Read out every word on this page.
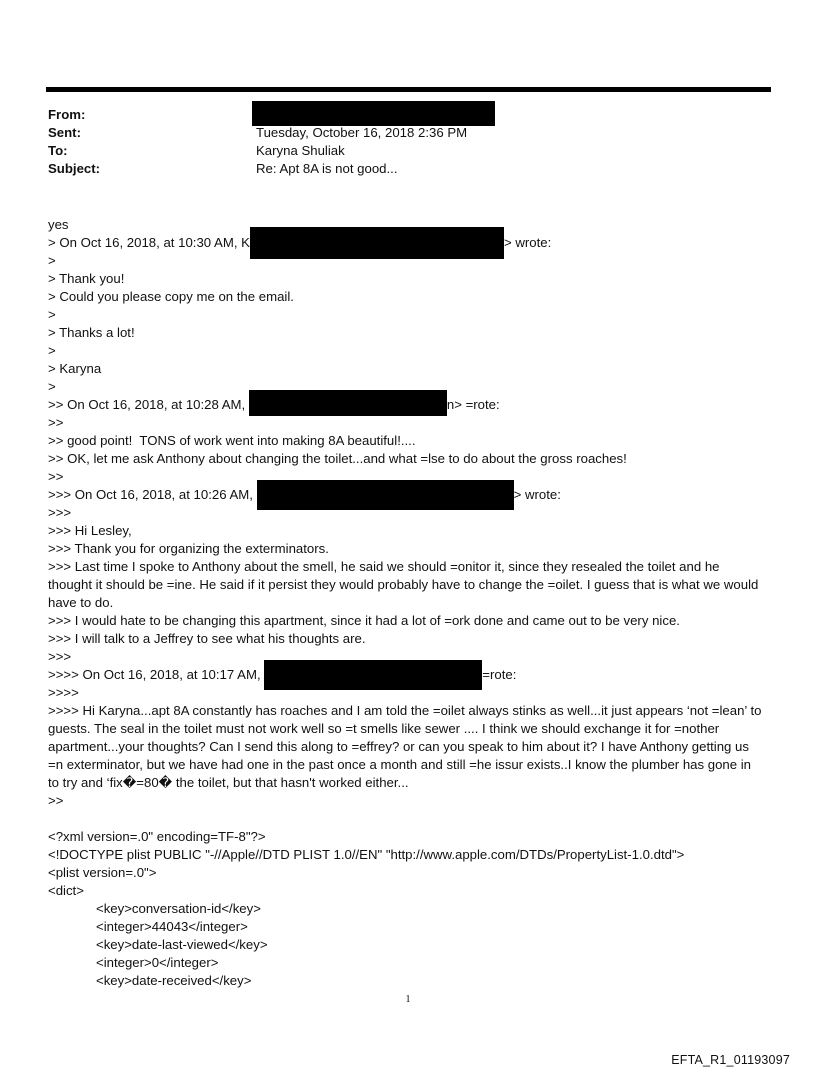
From:
Sent:	Tuesday, October 16, 2018 2:36 PM
To:	Karyna Shuliak
Subject:	Re: Apt 8A is not good...
yes
> On Oct 16, 2018, at 10:30 AM, K	> wrote:
>
> Thank you!
> Could you please copy me on the email.
>
> Thanks a lot!
>
> Karyna
>
>> On Oct 16, 2018, at 10:28 AM,	n> =rote:
>>
>> good point!  TONS of work went into making 8A beautiful!....
>> OK, let me ask Anthony about changing the toilet...and what =lse to do about the gross roaches!
>>
>>> On Oct 16, 2018, at 10:26 AM,	> wrote:
>>>
>>> Hi Lesley,
>>> Thank you for organizing the exterminators.
>>> Last time I spoke to Anthony about the smell, he said we should =onitor it, since they resealed the toilet and he thought it should be =ine. He said if it persist they would probably have to change the =oilet. I guess that is what we would have to do.
>>> I would hate to be changing this apartment, since it had a lot of =ork done and came out to be very nice.
>>> I will talk to a Jeffrey to see what his thoughts are.
>>>
>>>> On Oct 16, 2018, at 10:17 AM,	=rote:
>>>>
>>>> Hi Karyna...apt 8A constantly has roaches and I am told the =oilet always stinks as well...it just appears ‘not =lean’ to guests. The seal in the toilet must not work well so =t smells like sewer .... I think we should exchange it for =nother apartment...your thoughts? Can I send this along to =effrey? or can you speak to him about it? I have Anthony getting us =n exterminator, but we have had one in the past once a month and still =he issur exists..I know the plumber has gone in to try and ‘fix�=80� the toilet, but that hasn't worked either...
>>
<?xml version=.0" encoding=TF-8"?>
<!DOCTYPE plist PUBLIC "-//Apple//DTD PLIST 1.0//EN" "http://www.apple.com/DTDs/PropertyList-1.0.dtd">
<plist version=.0">
<dict>
<key>conversation-id</key>
<integer>44043</integer>
<key>date-last-viewed</key>
<integer>0</integer>
<key>date-received</key>
1
EFTA_R1_01193097
